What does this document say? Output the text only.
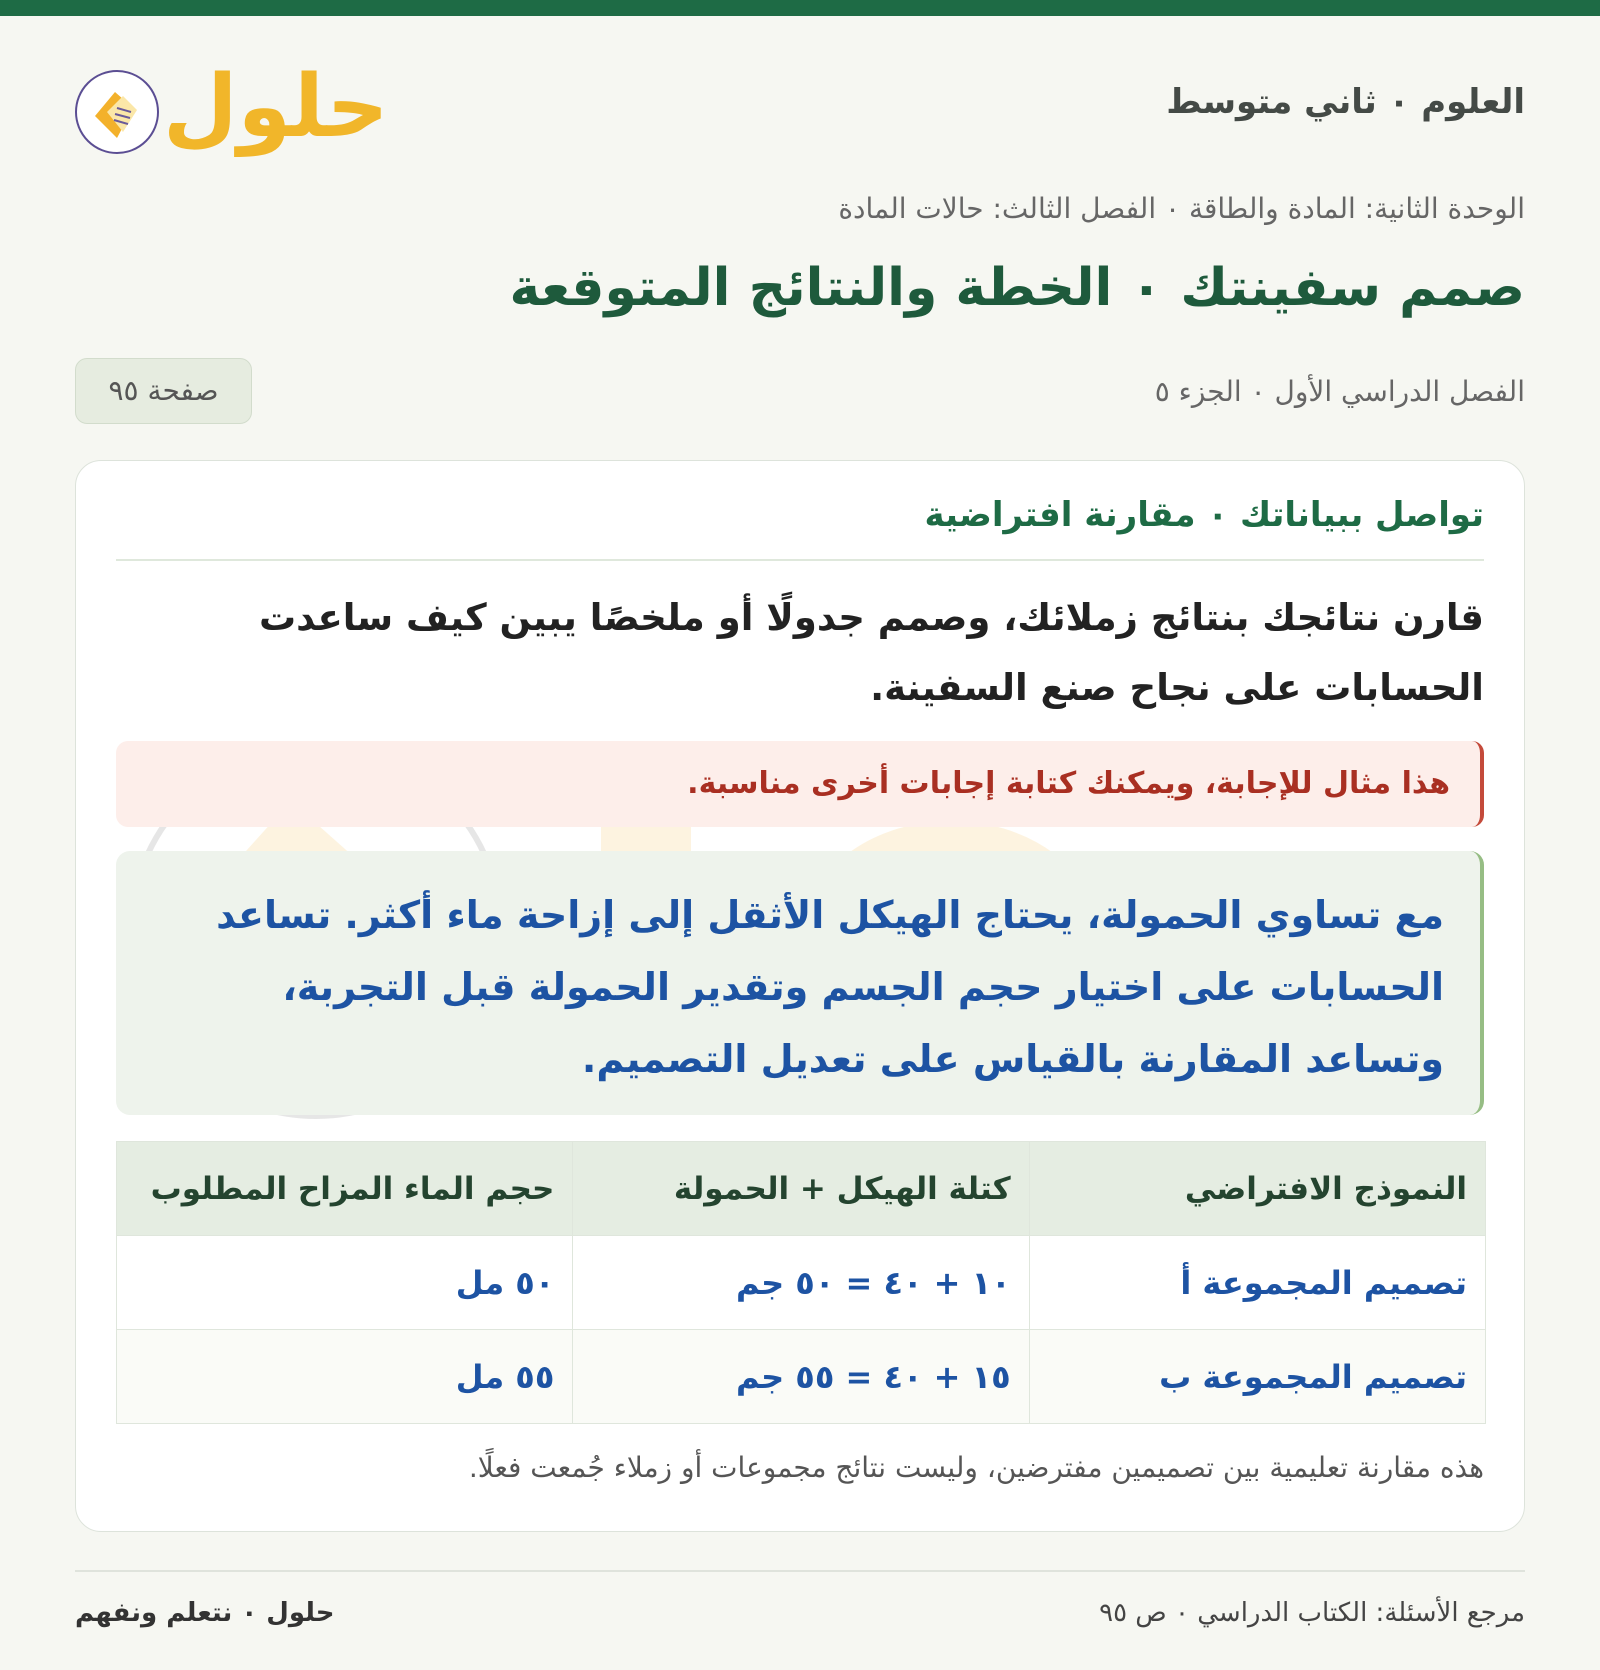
العلوم ٠ ثاني متوسط
حلول
الوحدة الثانية: المادة والطاقة ٠ الفصل الثالث: حالات المادة
صمم سفينتك ٠ الخطة والنتائج المتوقعة
الفصل الدراسي الأول ٠ الجزء ٥
صفحة ٩٥
تواصل ببياناتك ٠ مقارنة افتراضية
قارن نتائجك بنتائج زملائك، وصمم جدولًا أو ملخصًا يبين كيف ساعدت الحسابات على نجاح صنع السفينة.
هذا مثال للإجابة، ويمكنك كتابة إجابات أخرى مناسبة.
مع تساوي الحمولة، يحتاج الهيكل الأثقل إلى إزاحة ماء أكثر. تساعد الحسابات على اختيار حجم الجسم وتقدير الحمولة قبل التجربة، وتساعد المقارنة بالقياس على تعديل التصميم.
النموذج الافتراضي	كتلة الهيكل + الحمولة	حجم الماء المزاح المطلوب
تصميم المجموعة أ	١٠ + ٤٠ = ٥٠ جم	٥٠ مل
تصميم المجموعة ب	١٥ + ٤٠ = ٥٥ جم	٥٥ مل
هذه مقارنة تعليمية بين تصميمين مفترضين، وليست نتائج مجموعات أو زملاء جُمعت فعلًا.
مرجع الأسئلة: الكتاب الدراسي ٠ ص ٩٥
حلول ٠ نتعلم ونفهم
